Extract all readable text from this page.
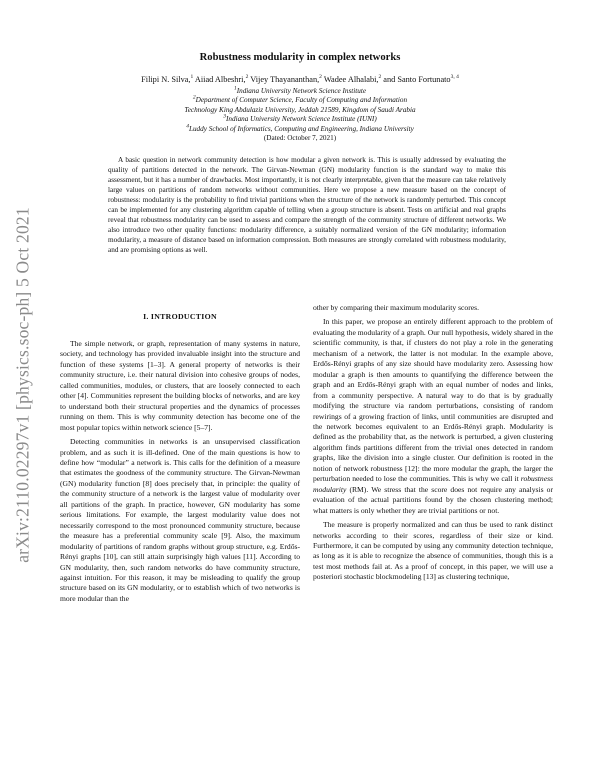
arXiv:2110.02297v1 [physics.soc-ph] 5 Oct 2021
Robustness modularity in complex networks
Filipi N. Silva,$^1$ Aiiad Albeshri,$^2$ Vijey Thayananthan,$^2$ Wadee Alhalabi,$^2$ and Santo Fortunato$^{3, 4}$
$^1$Indiana University Network Science Institute
$^2$Department of Computer Science, Faculty of Computing and Information
Technology King Abdulaziz University, Jeddah 21589, Kingdom of Saudi Arabia
$^3$Indiana University Network Science Institute (IUNI)
$^4$Luddy School of Informatics, Computing and Engineering, Indiana University
(Dated: October 7, 2021)
A basic question in network community detection is how modular a given network is. This is usually addressed by evaluating the quality of partitions detected in the network. The Girvan-Newman (GN) modularity function is the standard way to make this assessment, but it has a number of drawbacks. Most importantly, it is not clearly interpretable, given that the measure can take relatively large values on partitions of random networks without communities. Here we propose a new measure based on the concept of robustness: modularity is the probability to find trivial partitions when the structure of the network is randomly perturbed. This concept can be implemented for any clustering algorithm capable of telling when a group structure is absent. Tests on artificial and real graphs reveal that robustness modularity can be used to assess and compare the strength of the community structure of different networks. We also introduce two other quality functions: modularity difference, a suitably normalized version of the GN modularity; information modularity, a measure of distance based on information compression. Both measures are strongly correlated with robustness modularity, and are promising options as well.
I. INTRODUCTION

The simple network, or graph, representation of many systems in nature, society, and technology has provided invaluable insight into the structure and function of these systems [1–3]. A general property of networks is their community structure, i.e. their natural division into cohesive groups of nodes, called communities, modules, or clusters, that are loosely connected to each other [4]. Communities represent the building blocks of networks, and are key to understand both their structural properties and the dynamics of processes running on them. This is why community detection has become one of the most popular topics within network science [5–7].

Detecting communities in networks is an unsupervised classification problem, and as such it is ill-defined. One of the main questions is how to define how “modular” a network is. This calls for the definition of a measure that estimates the goodness of the community structure. The Girvan-Newman (GN) modularity function [8] does precisely that, in principle: the quality of the community structure of a network is the largest value of modularity over all partitions of the graph. In practice, however, GN modularity has some serious limitations. For example, the largest modularity value does not necessarily correspond to the most pronounced community structure, because the measure has a preferential community scale [9]. Also, the maximum modularity of partitions of random graphs without group structure, e.g. Erdős-Rényi graphs [10], can still attain surprisingly high values [11]. According to GN modularity, then, such random networks do have community structure, against intuition. For this reason, it may be misleading to qualify the group structure based on its GN modularity, or to establish which of two networks is more modular than the

other by comparing their maximum modularity scores.

In this paper, we propose an entirely different approach to the problem of evaluating the modularity of a graph. Our null hypothesis, widely shared in the scientific community, is that, if clusters do not play a role in the generating mechanism of a network, the latter is not modular. In the example above, Erdős-Rényi graphs of any size should have modularity zero. Assessing how modular a graph is then amounts to quantifying the difference between the graph and an Erdős-Rényi graph with an equal number of nodes and links, from a community perspective. A natural way to do that is by gradually modifying the structure via random perturbations, consisting of random rewirings of a growing fraction of links, until communities are disrupted and the network becomes equivalent to an Erdős-Rényi graph. Modularity is defined as the probability that, as the network is perturbed, a given clustering algorithm finds partitions different from the trivial ones detected in random graphs, like the division into a single cluster. Our definition is rooted in the notion of network robustness [12]: the more modular the graph, the larger the perturbation needed to lose the communities. This is why we call it robustness modularity (RM). We stress that the score does not require any analysis or evaluation of the actual partitions found by the chosen clustering method; what matters is only whether they are trivial partitions or not.

The measure is properly normalized and can thus be used to rank distinct networks according to their scores, regardless of their size or kind. Furthermore, it can be computed by using any community detection technique, as long as it is able to recognize the absence of communities, though this is a test most methods fail at. As a proof of concept, in this paper, we will use a posteriori stochastic blockmodeling [13] as clustering technique,
